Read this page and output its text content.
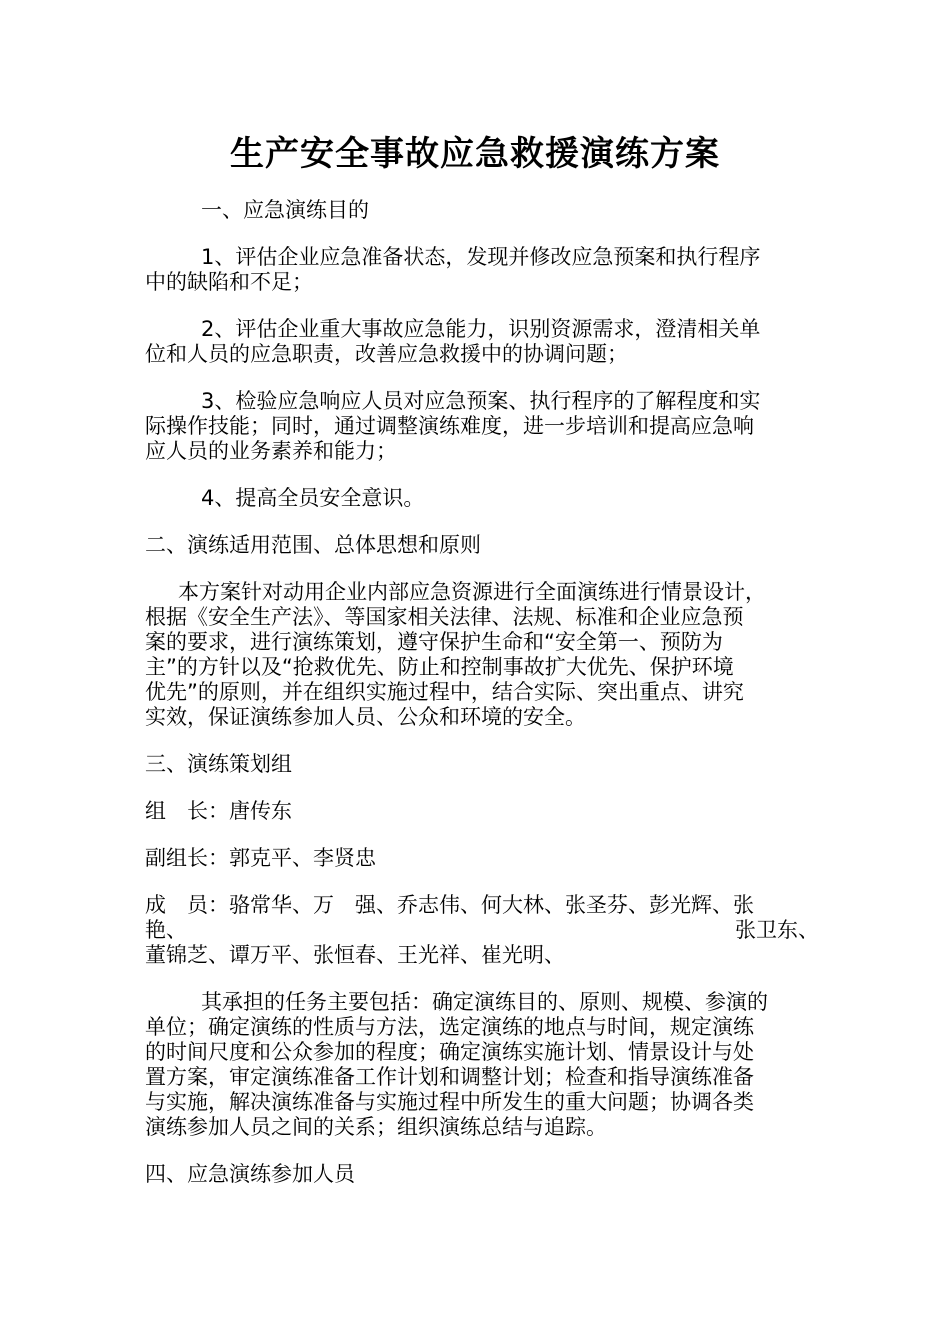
生产安全事故应急救援演练方案
一、应急演练目的
1、评估企业应急准备状态，发现并修改应急预案和执行程序
中的缺陷和不足；
2、评估企业重大事故应急能力，识别资源需求，澄清相关单
位和人员的应急职责，改善应急救援中的协调问题；
3、检验应急响应人员对应急预案、执行程序的了解程度和实
际操作技能；同时，通过调整演练难度，进一步培训和提高应急响
应人员的业务素养和能力；
4、提高全员安全意识。
二、演练适用范围、总体思想和原则
本方案针对动用企业内部应急资源进行全面演练进行情景设计，
根据《安全生产法》、等国家相关法律、法规、标准和企业应急预
案的要求，进行演练策划，遵守保护生命和“安全第一、预防为
主”的方针以及“抢救优先、防止和控制事故扩大优先、保护环境
优先”的原则，并在组织实施过程中，结合实际、突出重点、讲究
实效，保证演练参加人员、公众和环境的安全。
三、演练策划组
组　长：唐传东
副组长：郭克平、李贤忠
成　员：骆常华、万　强、乔志伟、何大林、张圣芬、彭光辉、张
艳、	张卫东、
董锦芝、谭万平、张恒春、王光祥、崔光明、
其承担的任务主要包括：确定演练目的、原则、规模、参演的
单位；确定演练的性质与方法，选定演练的地点与时间，规定演练
的时间尺度和公众参加的程度；确定演练实施计划、情景设计与处
置方案，审定演练准备工作计划和调整计划；检查和指导演练准备
与实施，解决演练准备与实施过程中所发生的重大问题；协调各类
演练参加人员之间的关系；组织演练总结与追踪。
四、应急演练参加人员
